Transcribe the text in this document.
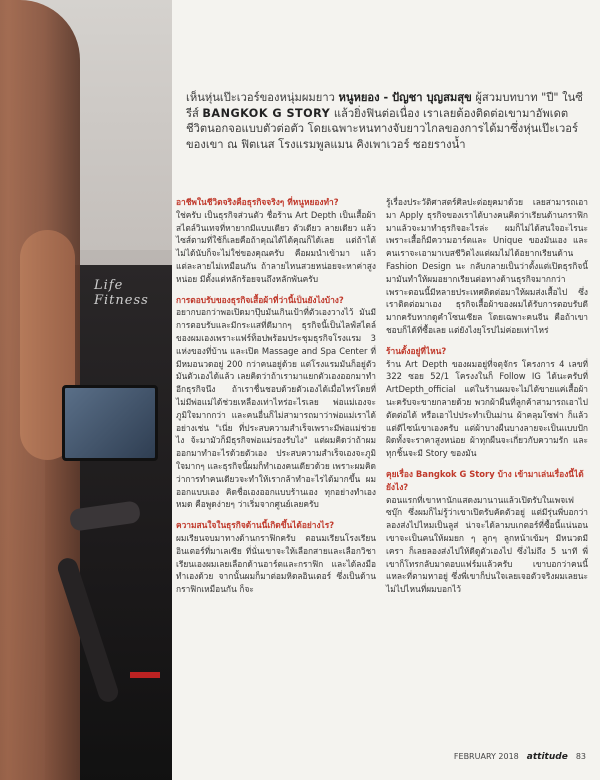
Life Fitness
เห็นหุ่นเป๊ะเวอร์ของหนุ่มผมยาว หนูหยอง - ปัญชา บุญสมสุข ผู้สวมบทบาท "ปี" ในซีรีส์ BANGKOK G STORY แล้วยิ่งฟินต่อเนื่อง เราเลยต้องติดต่อเขามาอัพเดตชีวิตนอกจอแบบตัวต่อตัว โดยเฉพาะหนทางจับยาวไกลของการได้มาซึ่งหุ่นเป๊ะเวอร์ของเขา ณ ฟิตเนส โรงแรมพูลแมน คิงเพาเวอร์ ซอยรางน้ำ

อาชีพในชีวิตจริงคือธุรกิจจริงๆ ที่หนูหยองทำ?

ใช่ครับ เป็นธุรกิจส่วนตัว ชื่อร้าน Art Depth เป็นเสื้อผ้าสไตล์วินเทจที่หายากมีแบบเดียว ตัวเดียว ลายเดียว แล้วไซส์ตามที่ใช้ก็เลยคือถ้าคุณได้ได้คุณก็ได้เลย แต่ถ้าได้ไม่ได้นับก็จะไม่ใช่ของคุณครับ คือผมนำเข้ามา แล้วแต่ละลายไม่เหมือนกัน ถ้าลายไหนสวยหน่อยจะหาค่าสูงหน่อย มีตั้งแต่หลักร้อยจนถึงหลักพันครับ

การตอบรับของธุรกิจเสื้อผ้าที่ว่านี้เป็นยังไงบ้าง?

อยากบอกว่าพอเปิดมาปุ๊บมันเกินเป้าที่ตัวเองวางไว้ มันมีการตอบรับและมีกระแสที่ดีมากๆ ธุรกิจนี้เป็นไลฟ์สไตล์ของผมเองเพราะแฟร์ท็อปพร้อมประชุมธุรกิจโรงแรม 3 แห่งของที่บ้าน และเปิด Massage and Spa Center ที่มีหมอนวดอยู่ 200 กว่าคนอยู่ด้วย แต่โรงแรมมันก็อยู่ตัวมันตัวเองได้แล้ว เลยคิดว่าถ้าเรามาแยกตัวเองออกมาทำอีกธุรกิจนึง ถ้าเราชื่นชอบด้วยตัวเองได้เมื่อไหร่โดยที่ไม่มีพ่อแม่ได้ช่วยเหลืองเท่าไหร่อะไรเลย พ่อแม่เองจะภูมิใจมากกว่า และคนอื่นก็ไม่สามารถมาว่าพ่อแม่เราได้ อย่างเช่น "เนี่ย ที่ประสบความสำเร็จเพราะมีพ่อแม่ช่วยไง จ้ะมามัวก็มีธุรกิจพ่อแม่รองรับไง" แต่ผมคิดว่าถ้าผมออกมาทำอะไรด้วยตัวเอง ประสบความสำเร็จเองจะภูมิใจมากๆ และธุรกิจนี้ผมก็ทำเองคนเดียวด้วย เพราะผมคิดว่าการทำคนเดียวจะทำให้เรากล้าทำอะไรได้มากขึ้น ผมออกแบบเอง คิดชื่อเองออกแบบร้านเอง ทุกอย่างทำเองหมด คือพูดง่ายๆ ว่าเริ่มจากศูนย์เลยครับ

ความสนใจในธุรกิจด้านนี้เกิดขึ้นได้อย่างไร?

ผมเรียนจบมาทางด้านกราฟิกครับ ตอนมเรียนโรงเรียนอินเตอร์ที่มาเลเซีย ที่นั่นเขาจะให้เลือกสายและเลือกวิชาเรียนเองผมเลยเลือกด้านอาร์ตและกราฟิก และได้ลงมือทำเองด้วย จากนั้นผมก็มาต่อมหิดลอินเตอร์ ซึ่งเป็นด้านกราฟิกเหมือนกัน ก็จะ

รู้เรื่องประวัติศาสตร์ศิลปะต่อยุคมาด้วย เลยสามารถเอามา Apply ธุรกิจของเราได้บางคนคิดว่าเรียนด้านกราฟิกมาแล้วจะมาทำธุรกิจอะไรล่ะ ผมก็ไม่ได้สนใจอะไรนะเพราะเสื้อก็มีความอาร์ตและ Unique ของมันเอง และคนเราจะเอามาเบสชีวิตไงแต่ผมไม่ได้อยากเรียนด้าน Fashion Design นะ กลับกลายเป็นว่าตั้งแต่เปิดธุรกิจนี้มามันทำให้ผมอยากเรียนต่อทางด้านธุรกิจมากกว่า เพราะตอนนี้มีหลายประเทศติดต่อมาให้ผมส่งเสื้อไป ซึ่งเราติดต่อมาเอง ธุรกิจเสื้อผ้าของผมได้รับการตอบรับดีมากครับหากดูคำโซนเซียล โดยเฉพาะคนจีน คือถ้าเขาชอบก็ได้ที่ซื้อเลย แต่ยังไงยุโรปไม่ค่อยเท่าไหร่

ร้านตั้งอยู่ที่ไหน?

ร้าน Art Depth ของผมอยู่ที่จตุจักร โครงการ 4 เลขที่ 322 ซอย 52/1 โครงงในก็ Follow IG ได้นะครับที่ ArtDepth_official แต่ในร้านผมจะไม่ได้ขายแค่เสื้อผ้านะครับจะขายกลายด้วย พวกผ้าผืนที่ลูกค้าสามารถเอาไปตัดต่อได้ หรือเอาไปประทำเป็นม่าน ผ้าคลุมโซฟา ก็แล้วแต่ดีไซน์เขาเองครับ แต่ผ้าบางผืนบางลายจะเป็นแบบปักผิดทั้งจะราคาสูงหน่อย ผ้าทุกผืนจะเกี่ยวกับความรัก และทุกชิ้นจะมี Story ของมัน

คุยเรื่อง Bangkok G Story บ้าง เข้ามาเล่นเรื่องนี้ได้ยังไง?

ตอนแรกที่เขาหานักแสดงมานานแล้วเปิดรับในเพจเฟซบุ๊ก ซึ่งผมก็ไม่รู้ว่าเขาเปิดรับคัดตัวอยู่ แต่มีรุ่นพี่บอกว่าลองส่งไปไหมเป็นลูส่ น่าจะได้ลามบเกตอร์ที่ซื้อนี้แน่นอน เขาจะเป็นคนให้ผมยก ๆ ลูกๆ ลูกหน้าเข้มๆ มีหนวดมีเครา ก็เลยลองส่งไปให้ดีดูตัวเองไป ซึ่งไม่ถึง 5 นาที พี่เขาก็โทรกลับมาตอบแฟร์มแล้วครับ เขาบอกว่าคนนี้แหละที่ตามหาอยู่ ซึ่งพี่เขาก็บ่นใจเลยเจอตัวจริงผมเลยนะ ไม่ไปไหนที่ผมบอกไว้

FEBRUARY 2018 attitude 83
